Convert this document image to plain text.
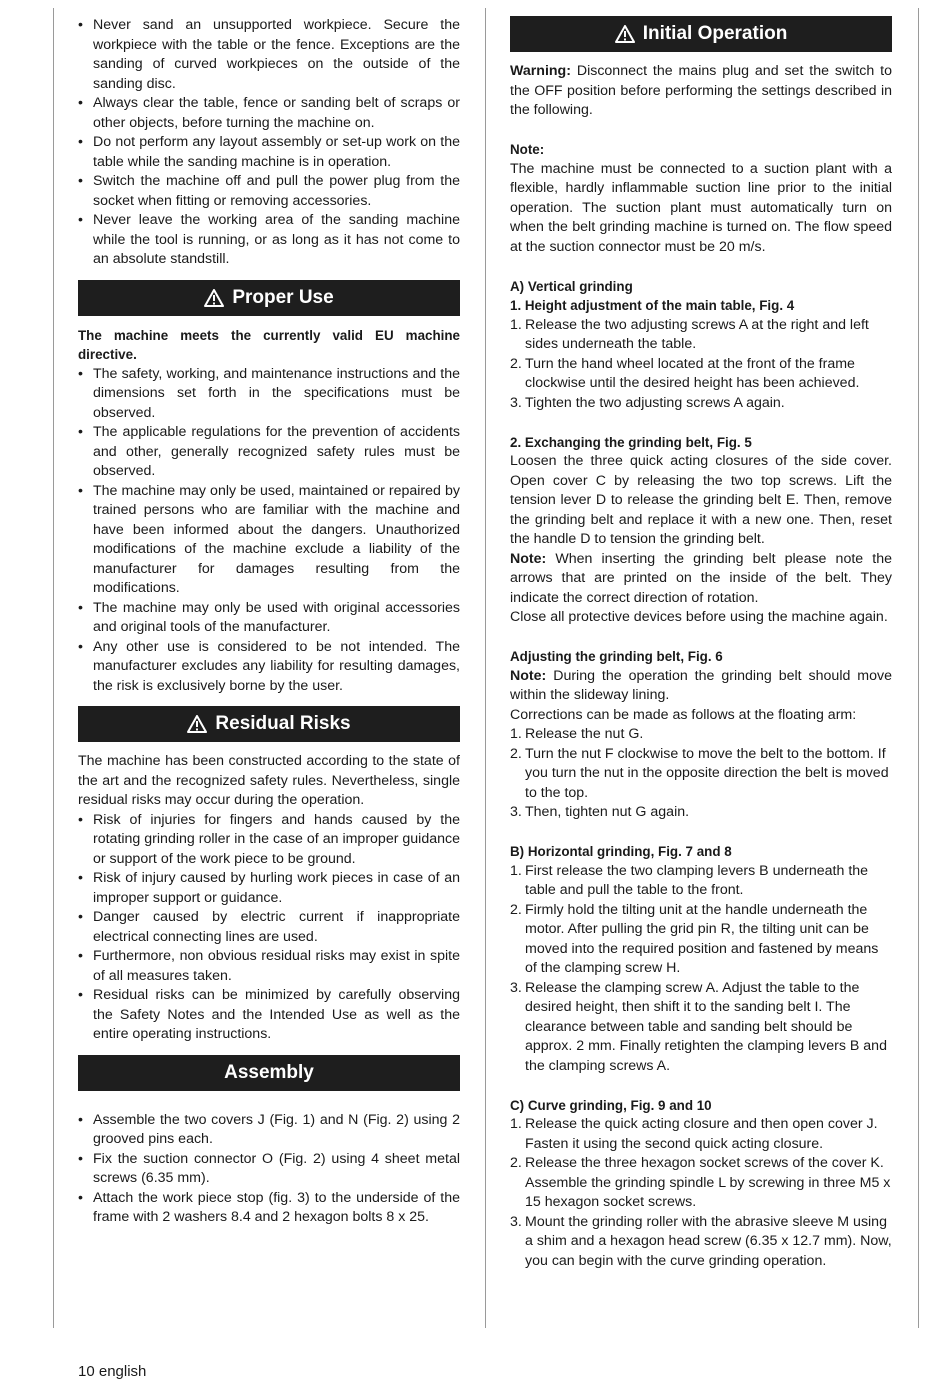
• Never sand an unsupported workpiece. Secure the workpiece with the table or the fence. Exceptions are the sanding of curved workpieces on the outside of the sanding disc.
• Always clear the table, fence or sanding belt of scraps or other objects, before turning the machine on.
• Do not perform any layout assembly or set-up work on the table while the sanding machine is in operation.
• Switch the machine off and pull the power plug from the socket when fitting or removing accessories.
• Never leave the working area of the sanding machine while the tool is running, or as long as it has not come to an absolute standstill.
Proper Use

The machine meets the currently valid EU machine directive.

• The safety, working, and maintenance instructions and the dimensions set forth in the specifications must be observed.
• The applicable regulations for the prevention of accidents and other, generally recognized safety rules must be observed.
• The machine may only be used, maintained or repaired by trained persons who are familiar with the machine and have been informed about the dangers. Unauthorized modifications of the machine exclude a liability of the manufacturer for damages resulting from the modifications.
• The machine may only be used with original accessories and original tools of the manufacturer.
• Any other use is considered to be not intended. The manufacturer excludes any liability for resulting damages, the risk is exclusively borne by the user.
Residual Risks

The machine has been constructed according to the state of the art and the recognized safety rules. Nevertheless, single residual risks may occur during the operation.

• Risk of injuries for fingers and hands caused by the rotating grinding roller in the case of an improper guidance or support of the work piece to be ground.
• Risk of injury caused by hurling work pieces in case of an improper support or guidance.
• Danger caused by electric current if inappropriate electrical connecting lines are used.
• Furthermore, non obvious residual risks may exist in spite of all measures taken.
• Residual risks can be minimized by carefully observing the Safety Notes and the Intended Use as well as the entire operating instructions.
Assembly
• Assemble the two covers J (Fig. 1) and N (Fig. 2) using 2 grooved pins each.
• Fix the suction connector O (Fig. 2) using 4 sheet metal screws (6.35 mm).
• Attach the work piece stop (fig. 3) to the underside of the frame with 2 washers 8.4 and 2 hexagon bolts 8 x 25.
Initial Operation

Warning: Disconnect the mains plug and set the switch to the OFF position before performing the settings described in the following.

Note:

The machine must be connected to a suction plant with a flexible, hardly inflammable suction line prior to the initial operation. The suction plant must automatically turn on when the belt grinding machine is turned on. The flow speed at the suction connector must be 20 m/s.

A) Vertical grinding

1. Height adjustment of the main table, Fig. 4

1. Release the two adjusting screws A at the right and left sides underneath the table.
2. Turn the hand wheel located at the front of the frame clockwise until the desired height has been achieved.
3. Tighten the two adjusting screws A again.

2. Exchanging the grinding belt, Fig. 5

Loosen the three quick acting closures of the side cover. Open cover C by releasing the two top screws. Lift the tension lever D to release the grinding belt E. Then, remove the grinding belt and replace it with a new one. Then, reset the handle D to tension the grinding belt.

Note: When inserting the grinding belt please note the arrows that are printed on the inside of the belt. They indicate the correct direction of rotation.

Close all protective devices before using the machine again.

Adjusting the grinding belt, Fig. 6

Note: During the operation the grinding belt should move within the slideway lining.

Corrections can be made as follows at the floating arm:

1. Release the nut G.
2. Turn the nut F clockwise to move the belt to the bottom. If you turn the nut in the opposite direction the belt is moved to the top.
3. Then, tighten nut G again.

B) Horizontal grinding, Fig. 7 and 8

1. First release the two clamping levers B underneath the table and pull the table to the front.
2. Firmly hold the tilting unit at the handle underneath the motor. After pulling the grid pin R, the tilting unit can be moved into the required position and fastened by means of the clamping screw H.
3. Release the clamping screw A. Adjust the table to the desired height, then shift it to the sanding belt I. The clearance between table and sanding belt should be approx. 2 mm. Finally retighten the clamping levers B and the clamping screws A.

C) Curve grinding, Fig. 9 and 10

1. Release the quick acting closure and then open cover J. Fasten it using the second quick acting closure.
2. Release the three hexagon socket screws of the cover K. Assemble the grinding spindle L by screwing in three M5 x 15 hexagon socket screws.
3. Mount the grinding roller with the abrasive sleeve M using a shim and a hexagon head screw (6.35 x 12.7 mm). Now, you can begin with the curve grinding operation.
10 english
